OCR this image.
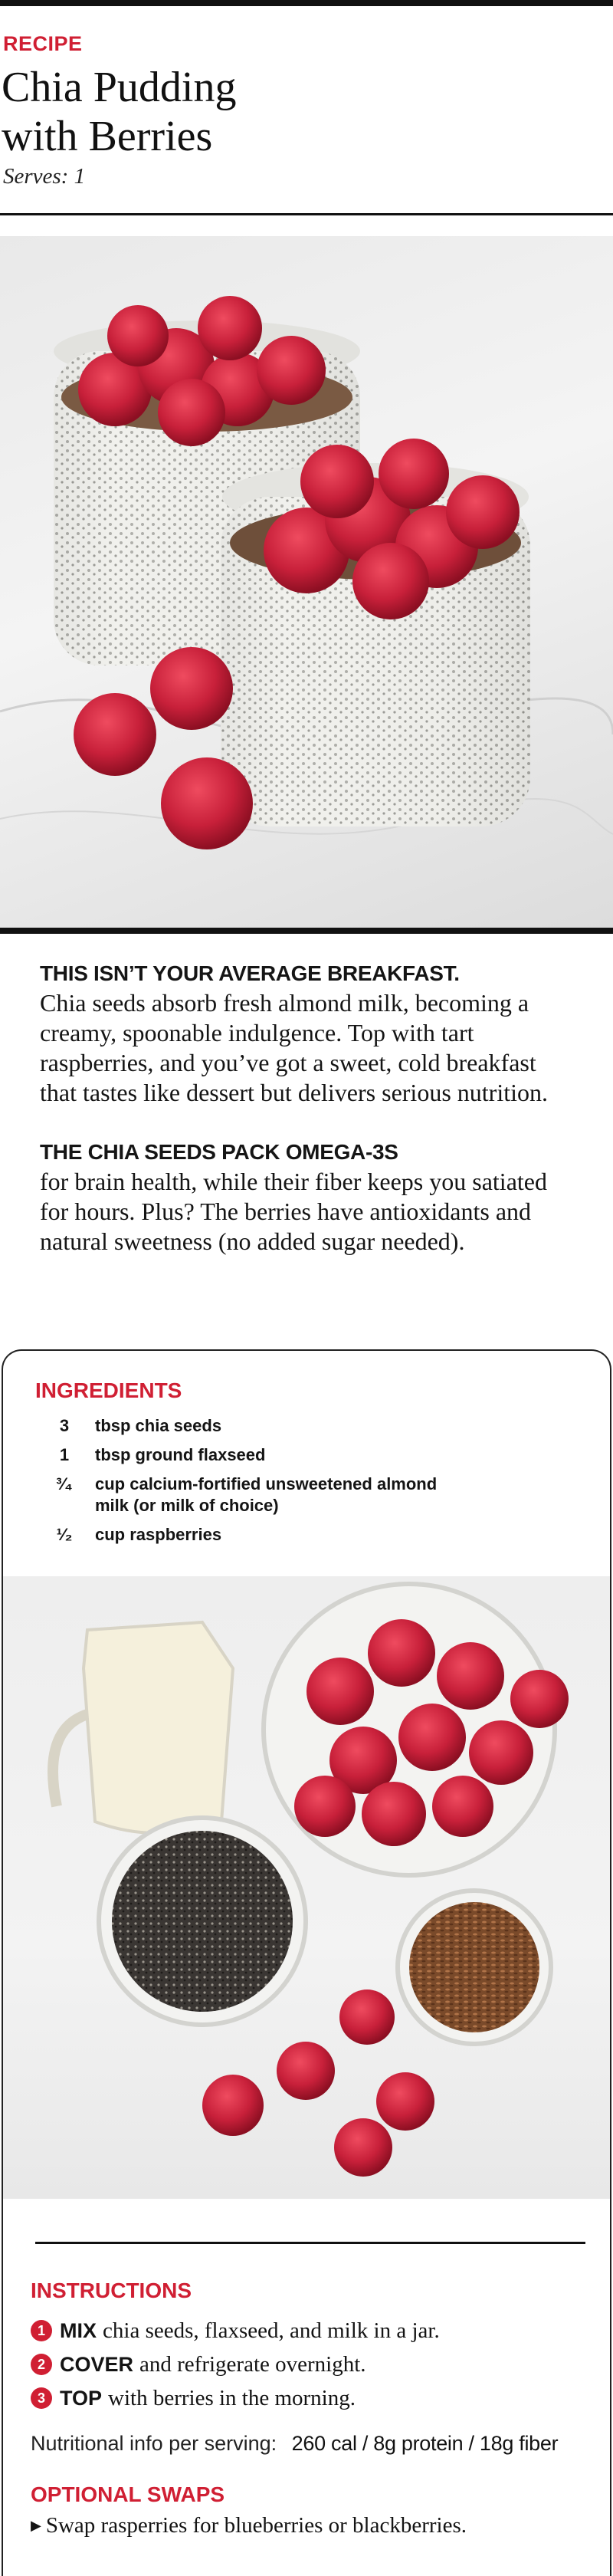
RECIPE
Chia Pudding
with Berries
Serves: 1

THIS ISN’T YOUR AVERAGE BREAKFAST.
Chia seeds absorb fresh almond milk, becoming a creamy, spoonable indulgence. Top with tart raspberries, and you’ve got a sweet, cold breakfast that tastes like dessert but delivers serious nutrition.

THE CHIA SEEDS PACK OMEGA-3S
for brain health, while their fiber keeps you satiated for hours. Plus? The berries have antioxidants and natural sweetness (no added sugar needed).

INGREDIENTS
3	tbsp chia seeds
1	tbsp ground flaxseed
³⁄₄	cup calcium-fortified unsweetened almond milk (or milk of choice)
¹⁄₂	cup raspberries
INSTRUCTIONS
1 MIX chia seeds, flaxseed, and milk in a jar.
2 COVER and refrigerate overnight.
3 TOP with berries in the morning.
Nutritional info per serving: 260 cal / 8g protein / 18g fiber
OPTIONAL SWAPS
▶ Swap rasperries for blueberries or blackberries.
